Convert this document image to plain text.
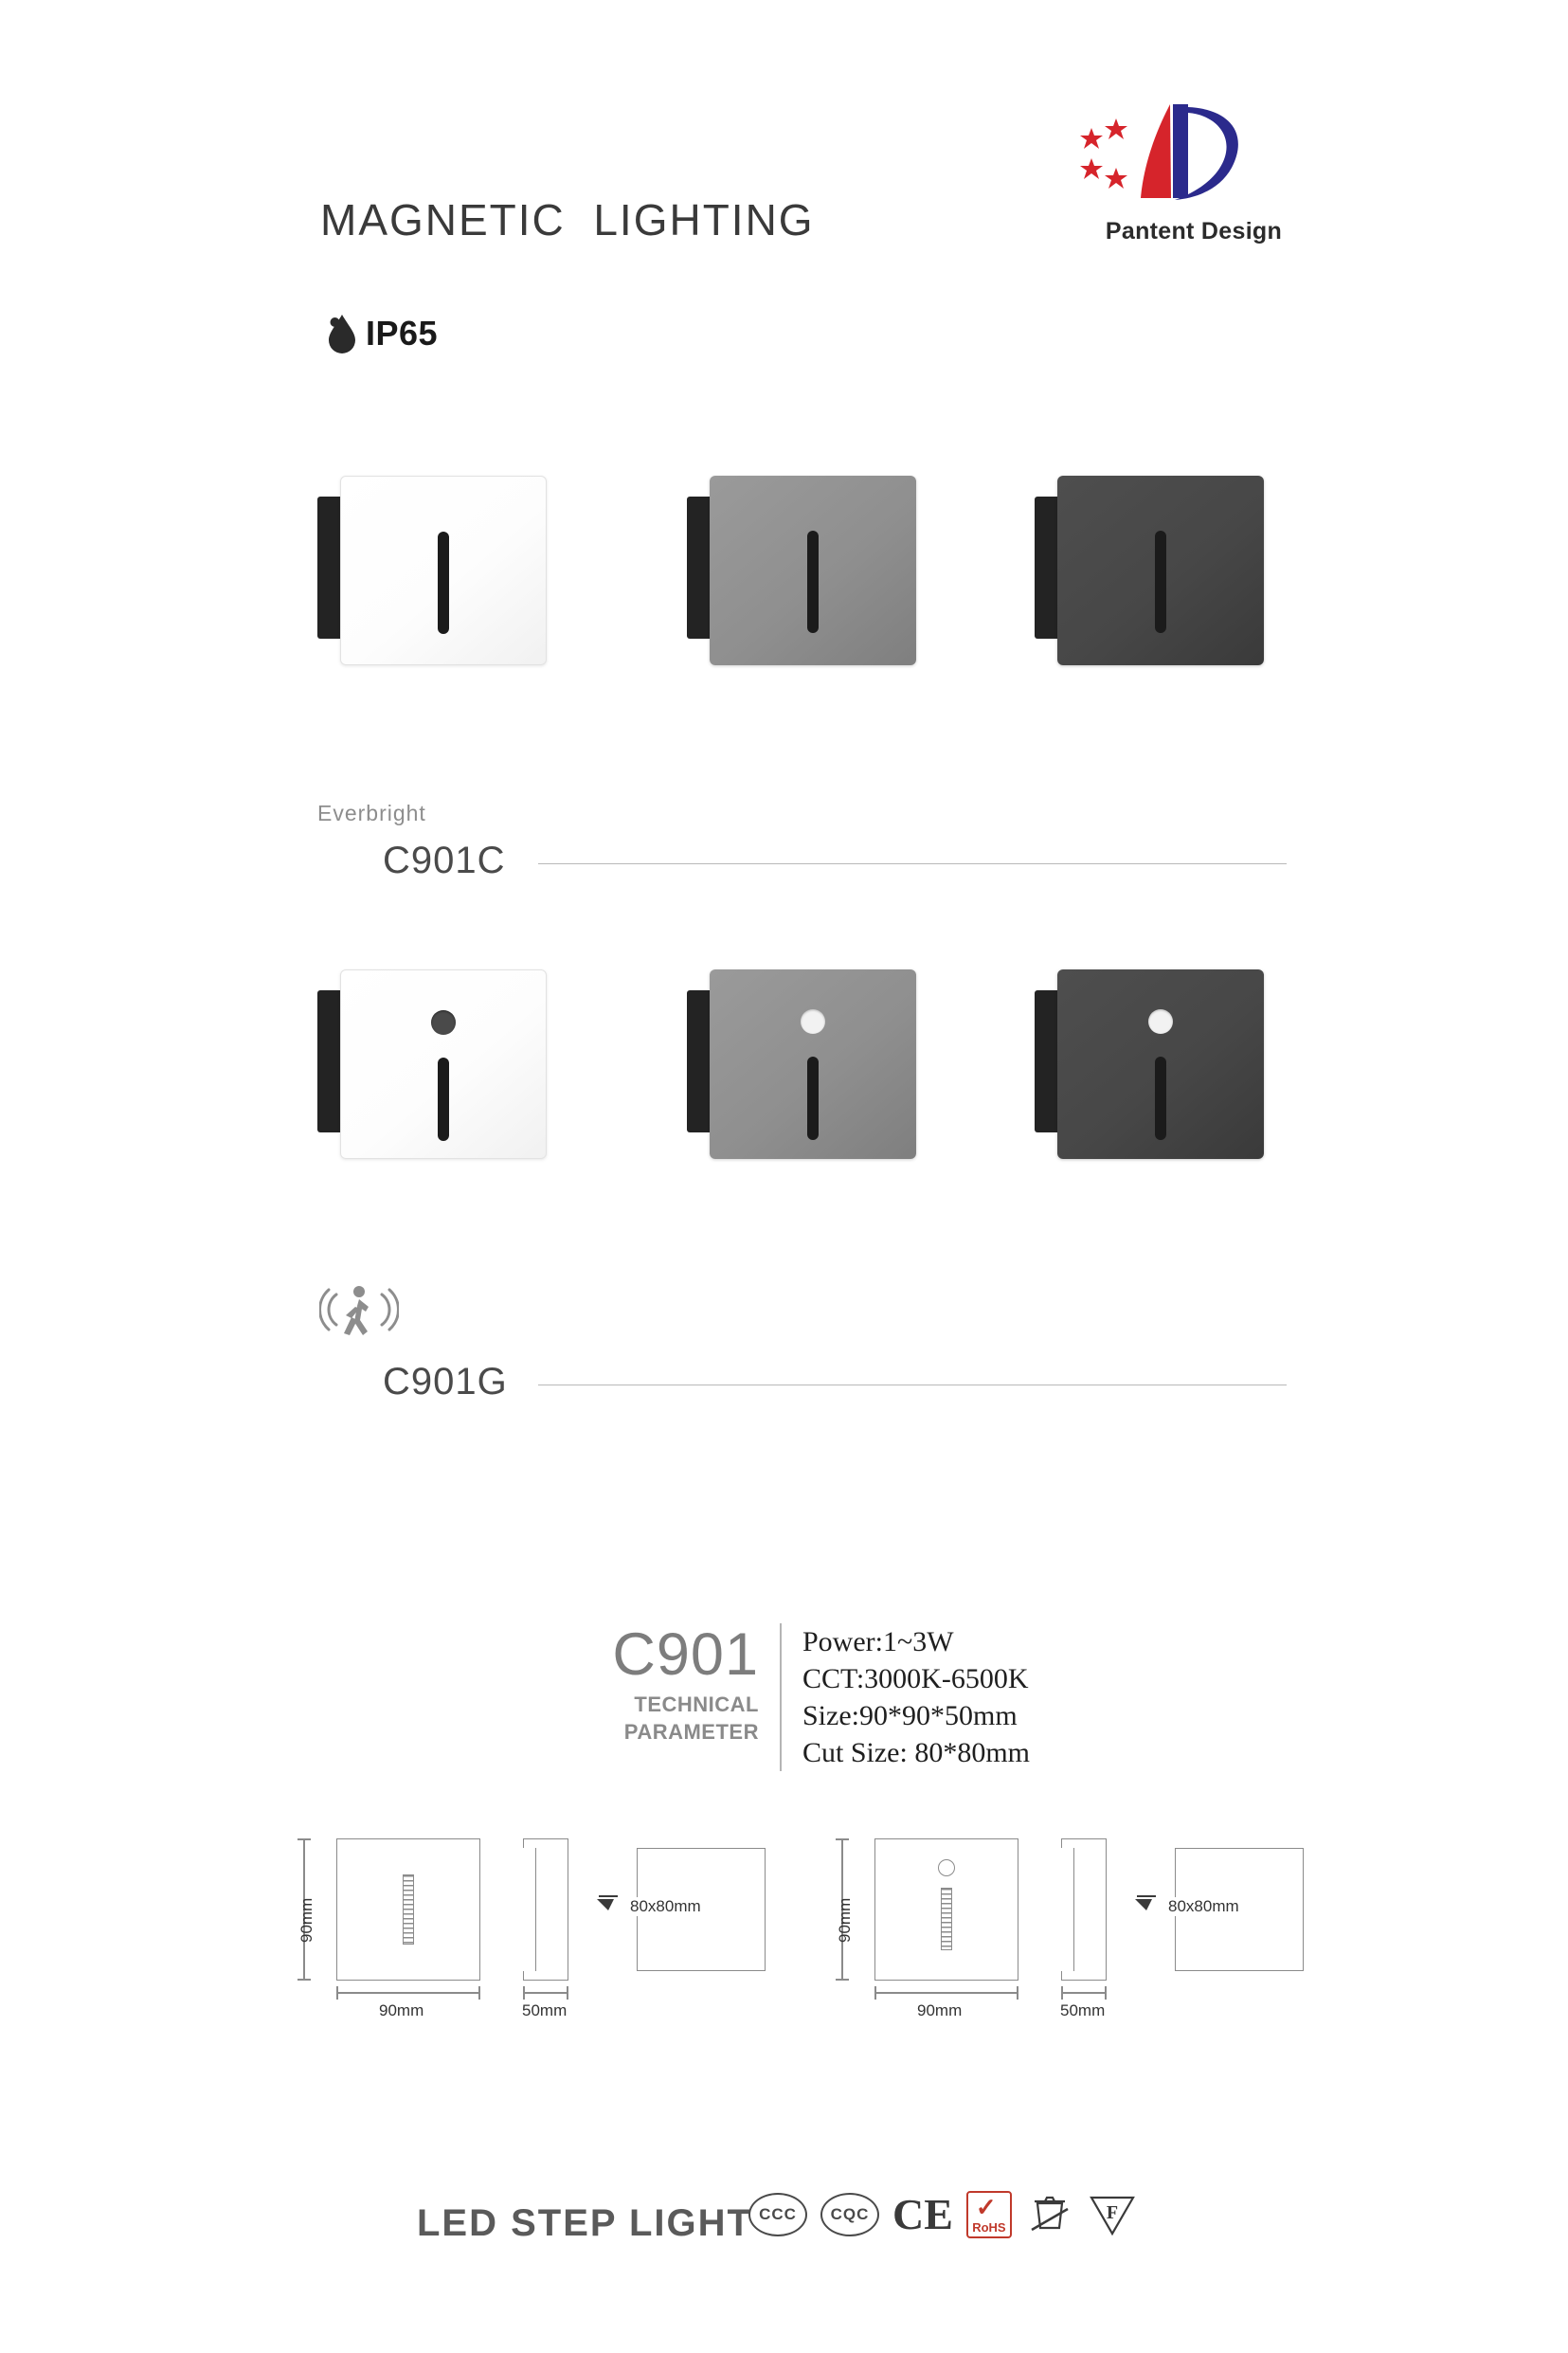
MAGNETIC  LIGHTING
IP65
Pantent Design
Everbright
C901C
C901G
C901
TECHNICAL
PARAMETER
Power:1~3W
CCT:3000K-6500K
Size:90*90*50mm
Cut Size: 80*80mm
90mm
90mm	50mm
80x80mm	90mm
90mm	50mm
80x80mm
LED STEP LIGHT CCC	CQC CE ✓
RoHS
F
